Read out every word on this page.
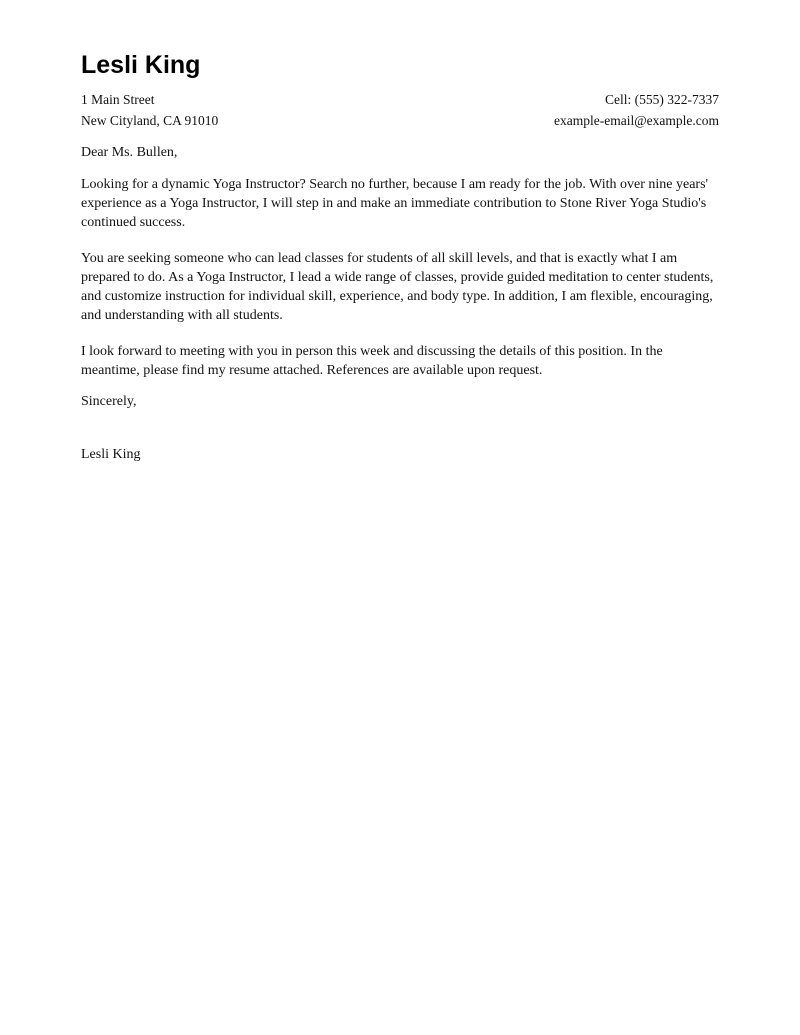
Lesli King
1 Main Street	Cell: (555) 322-7337
New Cityland, CA 91010	example-email@example.com
Dear Ms. Bullen,

Looking for a dynamic Yoga Instructor? Search no further, because I am ready for the job. With over nine years' experience as a Yoga Instructor, I will step in and make an immediate contribution to Stone River Yoga Studio's continued success.

You are seeking someone who can lead classes for students of all skill levels, and that is exactly what I am prepared to do. As a Yoga Instructor, I lead a wide range of classes, provide guided meditation to center students, and customize instruction for individual skill, experience, and body type. In addition, I am flexible, encouraging, and understanding with all students.

I look forward to meeting with you in person this week and discussing the details of this position. In the meantime, please find my resume attached. References are available upon request.

Sincerely,
Lesli King
